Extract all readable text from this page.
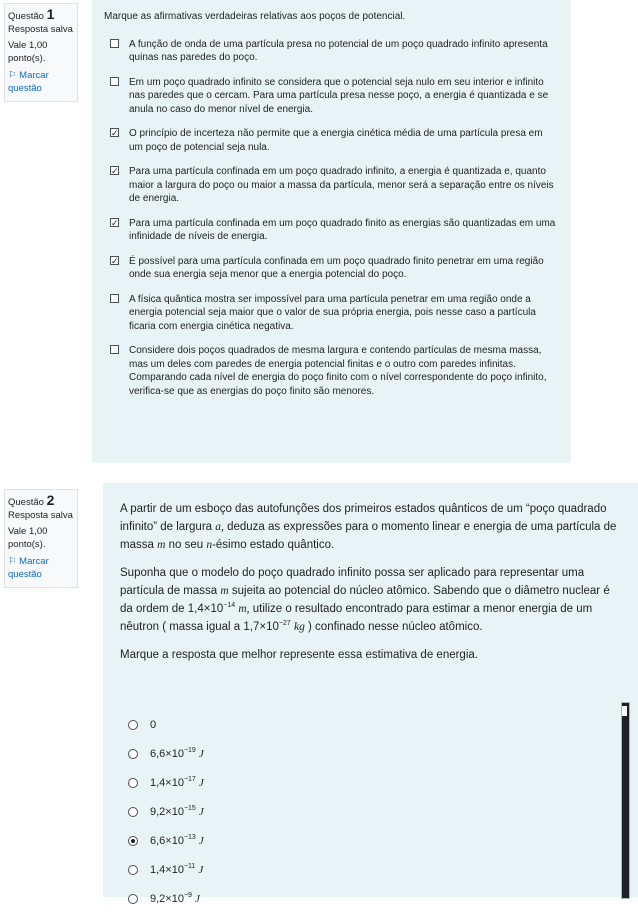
Questão 1
Resposta salva
Vale 1,00 ponto(s).
⚐ Marcar questão
Marque as afirmativas verdadeiras relativas aos poços de potencial.
A função de onda de uma partícula presa no potencial de um poço quadrado infinito apresenta quinas nas paredes do poço.
Em um poço quadrado infinito se considera que o potencial seja nulo em seu interior e infinito nas paredes que o cercam. Para uma partícula presa nesse poço, a energia é quantizada e se anula no caso do menor nível de energia.
✓ O princípio de incerteza não permite que a energia cinética média de uma partícula presa em um poço de potencial seja nula.
✓ Para uma partícula confinada em um poço quadrado infinito, a energia é quantizada e, quanto maior a largura do poço ou maior a massa da partícula, menor será a separação entre os níveis de energia.
✓ Para uma partícula confinada em um poço quadrado finito as energias são quantizadas em uma infinidade de níveis de energia.
✓ É possível para uma partícula confinada em um poço quadrado finito penetrar em uma região onde sua energia seja menor que a energia potencial do poço.
A física quântica mostra ser impossível para uma partícula penetrar em uma região onde a energia potencial seja maior que o valor de sua própria energia, pois nesse caso a partícula ficaria com energia cinética negativa.
Considere dois poços quadrados de mesma largura e contendo partículas de mesma massa, mas um deles com paredes de energia potencial finitas e o outro com paredes infinitas. Comparando cada nível de energia do poço finito com o nível correspondente do poço infinito, verifica-se que as energias do poço finito são menores.
Questão 2
Resposta salva
Vale 1,00 ponto(s).
⚐ Marcar questão

A partir de um esboço das autofunções dos primeiros estados quânticos de um “poço quadrado infinito” de largura a, deduza as expressões para o momento linear e energia de uma partícula de massa m no seu n-ésimo estado quântico.

Suponha que o modelo do poço quadrado infinito possa ser aplicado para representar uma partícula de massa m sujeita ao potencial do núcleo atômico. Sabendo que o diâmetro nuclear é da ordem de $1,4\times 10^{-14}$ m, utilize o resultado encontrado para estimar a menor energia de um nêutron ( massa igual a $1,7\times 10^{-27}$ kg ) confinado nesse núcleo atômico.

Marque a resposta que melhor represente essa estimativa de energia.

0
$6,6\times 10^{-19}$ J
$1,4\times 10^{-17}$ J
$9,2\times 10^{-15}$ J
$6,6\times 10^{-13}$ J
$1,4\times 10^{-11}$ J
$9,2\times 10^{-9}$ J
